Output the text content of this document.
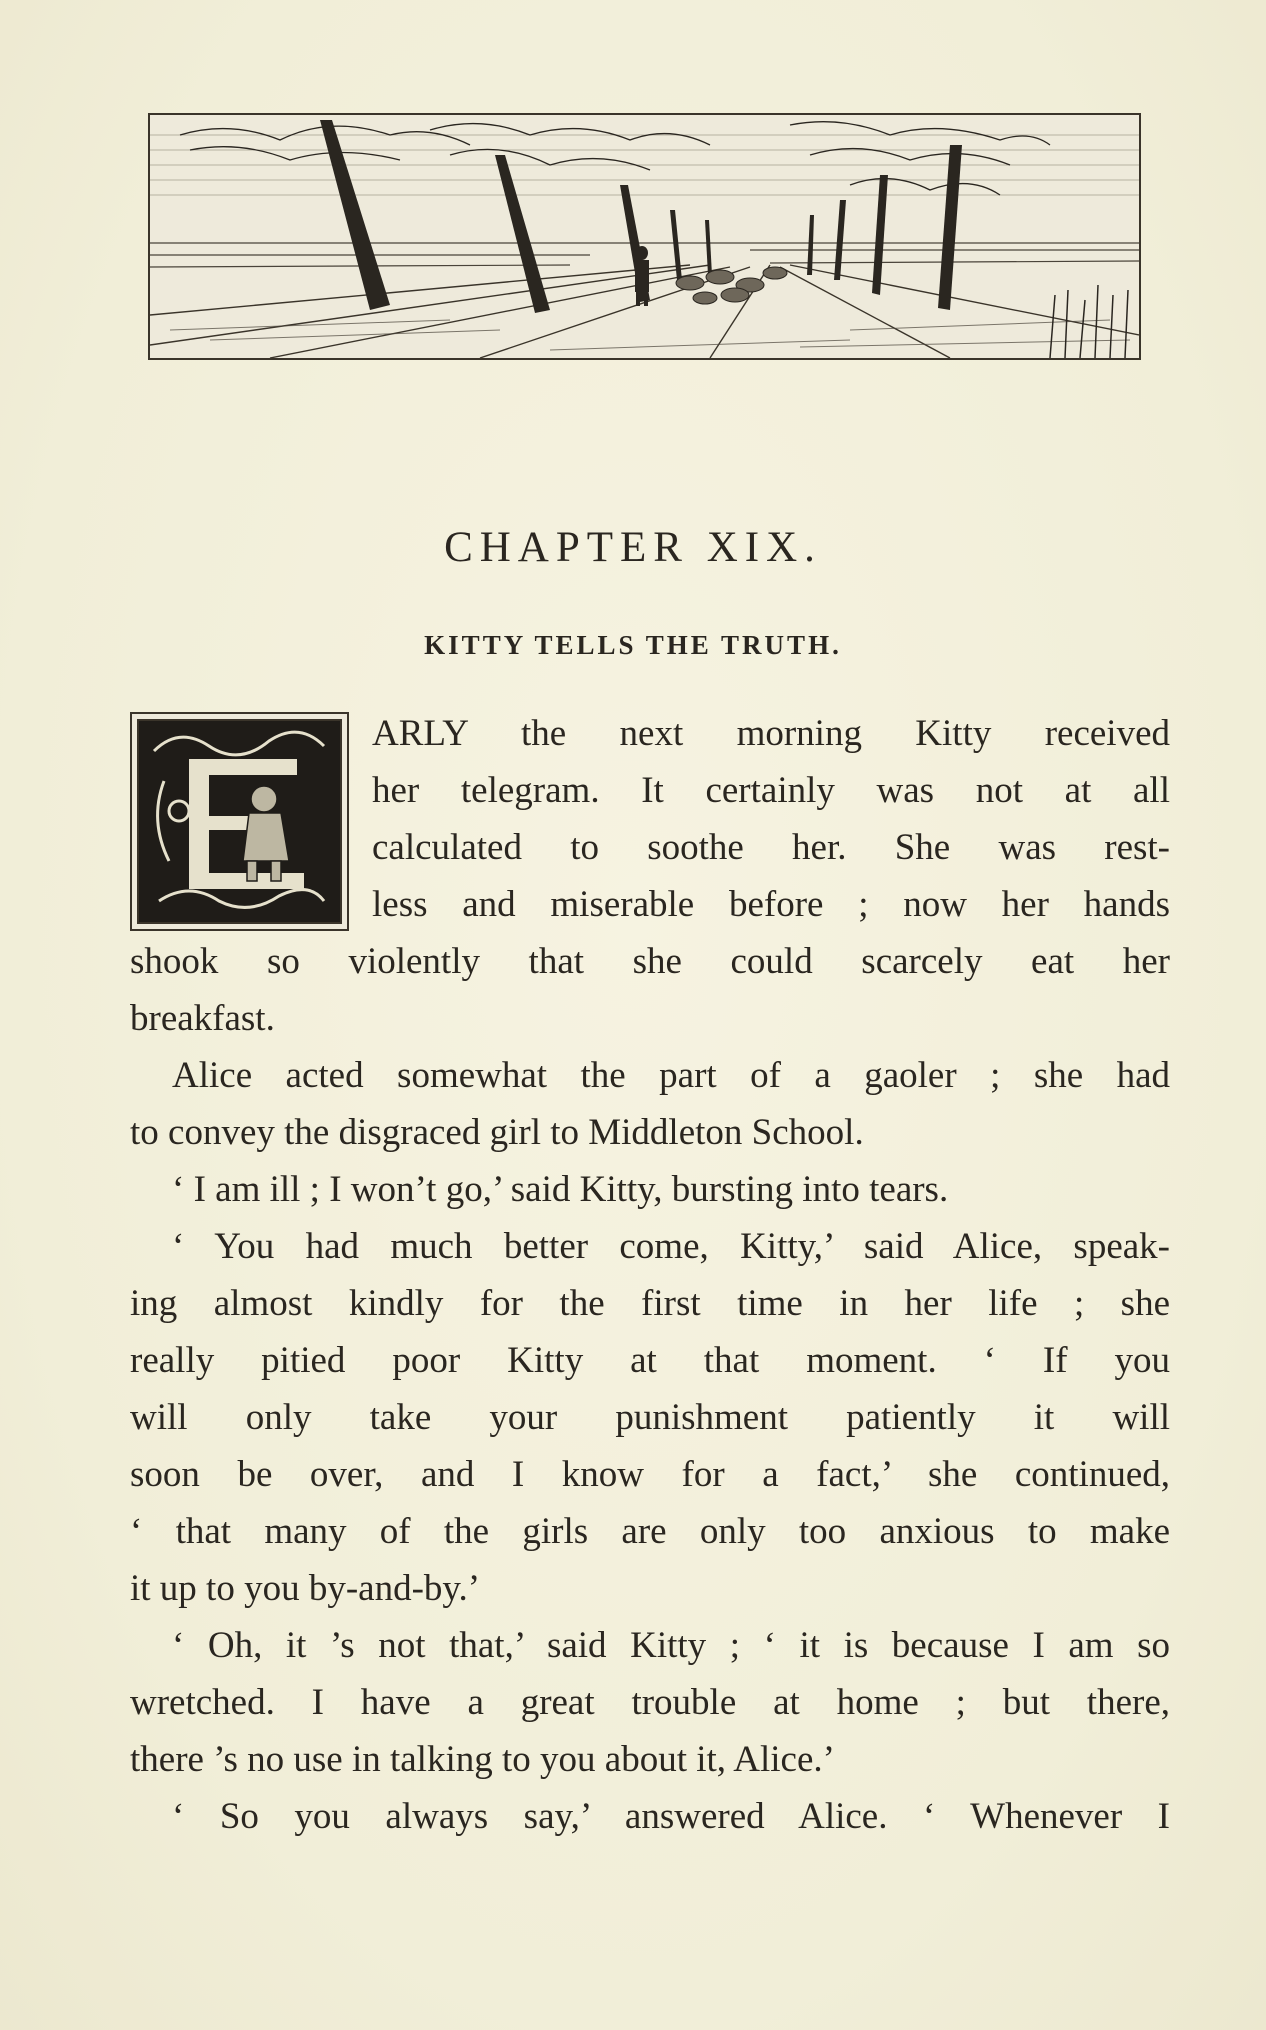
CHAPTER XIX.
KITTY TELLS THE TRUTH.
ARLY the next morning Kitty received
her telegram. It certainly was not at all
calculated to soothe her. She was rest-
less and miserable before ; now her hands
shook so violently that she could scarcely eat her
breakfast.
Alice acted somewhat the part of a gaoler ; she had
to convey the disgraced girl to Middleton School.
‘ I am ill ; I won’t go,’ said Kitty, bursting into tears.
‘ You had much better come, Kitty,’ said Alice, speak-
ing almost kindly for the first time in her life ; she
really pitied poor Kitty at that moment. ‘ If you
will only take your punishment patiently it will
soon be over, and I know for a fact,’ she continued,
‘ that many of the girls are only too anxious to make
it up to you by-and-by.’
‘ Oh, it ’s not that,’ said Kitty ; ‘ it is because I am so
wretched. I have a great trouble at home ; but there,
there ’s no use in talking to you about it, Alice.’
‘ So you always say,’ answered Alice. ‘ Whenever I
